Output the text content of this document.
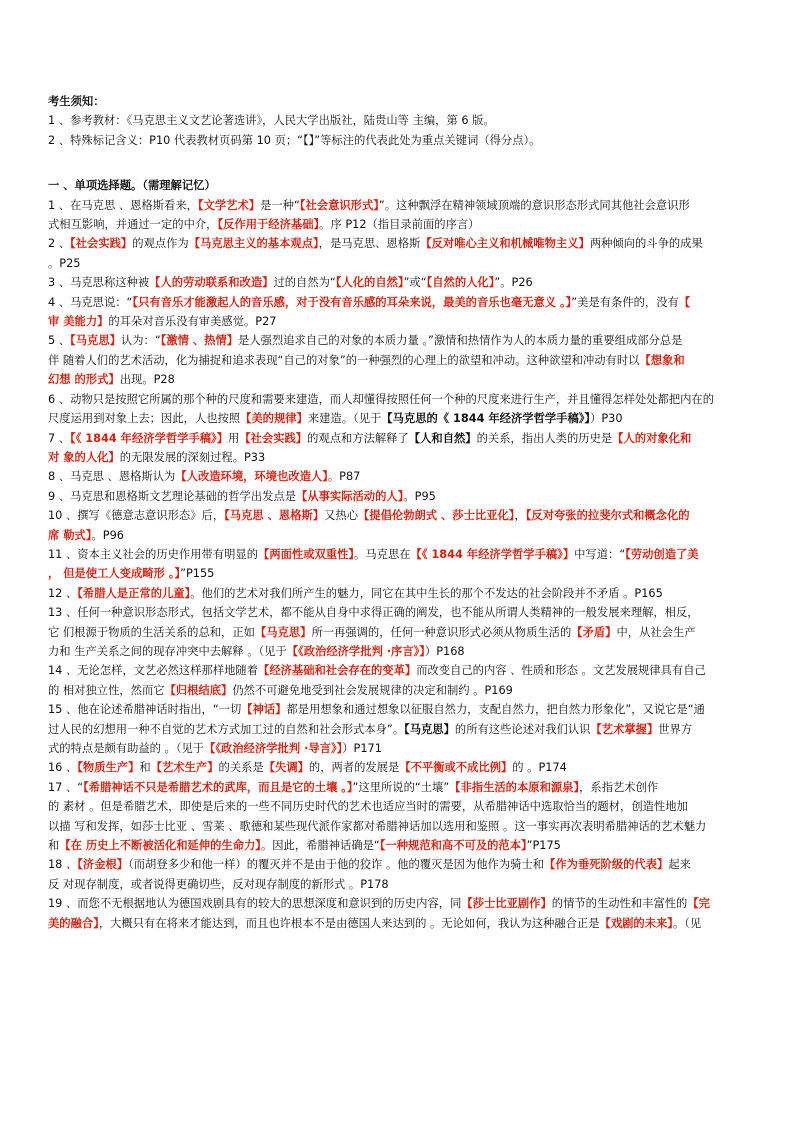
考生须知：
1 、参考教材：《马克思主义文艺论著选讲》，人民大学出版社，陆贵山等 主编，第 6 版。
2 、特殊标记含义：P10 代表教材页码第 10 页；“【】”等标注的代表此处为重点关键词（得分点）。
一 、单项选择题。（需理解记忆）
1 、在马克思 、恩格斯看来，【文学艺术】是一种“【社会意识形式】”。这种飘浮在精神领域顶端的意识形态形式同其他社会意识形
式相互影响，并通过一定的中介，【反作用于经济基础】。序 P12（指目录前面的序言）
2 、【社会实践】的观点作为【马克思主义的基本观点】，是马克思、恩格斯【反对唯心主义和机械唯物主义】两种倾向的斗争的成果
。P25
3 、马克思称这种被【人的劳动联系和改造】过的自然为“【人化的自然】”或“【自然的人化】”。P26
4 、马克思说：“【只有音乐才能激起人的音乐感，对于没有音乐感的耳朵来说，最美的音乐也毫无意义 。】”美是有条件的，没有【
审 美能力】的耳朵对音乐没有审美感觉。P27
5 、【马克思】认为：“【激情 、热情】是人强烈追求自己的对象的本质力量 。”激情和热情作为人的本质力量的重要组成部分总是
伴 随着人们的艺术活动，化为捕捉和追求表现“自己的对象”的一种强烈的心理上的欲望和冲动。这种欲望和冲动有时以【想象和
幻想 的形式】出现。P28
6 、动物只是按照它所属的那个种的尺度和需要来建造，而人却懂得按照任何一个种的尺度来进行生产，并且懂得怎样处处都把内在的
尺度运用到对象上去；因此，人也按照【美的规律】来建造。（见于【马克思的《 1844 年经济学哲学手稿》】）P30
7 、【《 1844 年经济学哲学手稿》】用【社会实践】的观点和方法解释了【人和自然】的关系，指出人类的历史是【人的对象化和
对 象的人化】的无限发展的深刻过程。P33
8 、马克思 、恩格斯认为【人改造环境，环境也改造人】。P87
9 、马克思和恩格斯文艺理论基础的哲学出发点是【从事实际活动的人】。P95
10 、撰写《德意志意识形态》后，【马克思 、恩格斯】又热心【提倡伦勃朗式 、莎士比亚化】，【反对夸张的拉斐尔式和概念化的
席 勒式】。P96
11 、资本主义社会的历史作用带有明显的【两面性或双重性】。马克思在【《 1844 年经济学哲学手稿》】中写道：“【劳动创造了美
， 但是使工人变成畸形 。】”P155
12 、【希腊人是正常的儿童】。他们的艺术对我们所产生的魅力，同它在其中生长的那个不发达的社会阶段并不矛盾 。P165
13 、任何一种意识形态形式，包括文学艺术，都不能从自身中求得正确的阐发，也不能从所谓人类精神的一般发展来理解，相反，
它 们根源于物质的生活关系的总和，正如【马克思】所一再强调的，任何一种意识形式必须从物质生活的【矛盾】中，从社会生产
力和 生产关系之间的现存冲突中去解释 。（见于【《政治经济学批判 ·序言》】）P168
14 、无论怎样，文艺必然这样那样地随着【经济基础和社会存在的变革】而改变自己的内容 、性质和形态 。文艺发展规律具有自己
的 相对独立性，然而它【归根结底】仍然不可避免地受到社会发展规律的决定和制约 。P169
15 、他在论述希腊神话时指出，“一切【神话】都是用想象和通过想象以征服自然力，支配自然力，把自然力形象化”，又说它是“通
过人民的幻想用一种不自觉的艺术方式加工过的自然和社会形式本身”。【马克思】的所有这些论述对我们认识【艺术掌握】世界方
式的特点是颇有助益的 。（见于【《政治经济学批判 ·导言》】）P171
16 、【物质生产】和【艺术生产】的关系是【失调】的，两者的发展是【不平衡或不成比例】的 。P174
17 、“【希腊神话不只是希腊艺术的武库，而且是它的土壤 。】”这里所说的“土壤”【非指生活的本原和源泉】，系指艺术创作
的 素材 。但是希腊艺术，即使是后来的一些不同历史时代的艺术也适应当时的需要，从希腊神话中选取恰当的题材，创造性地加
以描 写和发挥，如莎士比亚 、雪莱 、歌德和某些现代派作家都对希腊神话加以选用和鉴照 。这一事实再次表明希腊神话的艺术魅力
和【在 历史上不断被活化和延伸的生命力】。因此，希腊神话确是“【一种规范和高不可及的范本】”P175
18 、【济金根】（而胡登多少和他一样）的覆灭并不是由于他的狡诈 。他的覆灭是因为他作为骑士和【作为垂死阶级的代表】起来
反 对现存制度，或者说得更确切些，反对现存制度的新形式 。P178
19 、而您不无根据地认为德国戏剧具有的较大的思想深度和意识到的历史内容，同【莎士比亚剧作】的情节的生动性和丰富性的【完
美的融合】，大概只有在将来才能达到，而且也许根本不是由德国人来达到的 。无论如何，我认为这种融合正是【戏剧的未来】。（见
